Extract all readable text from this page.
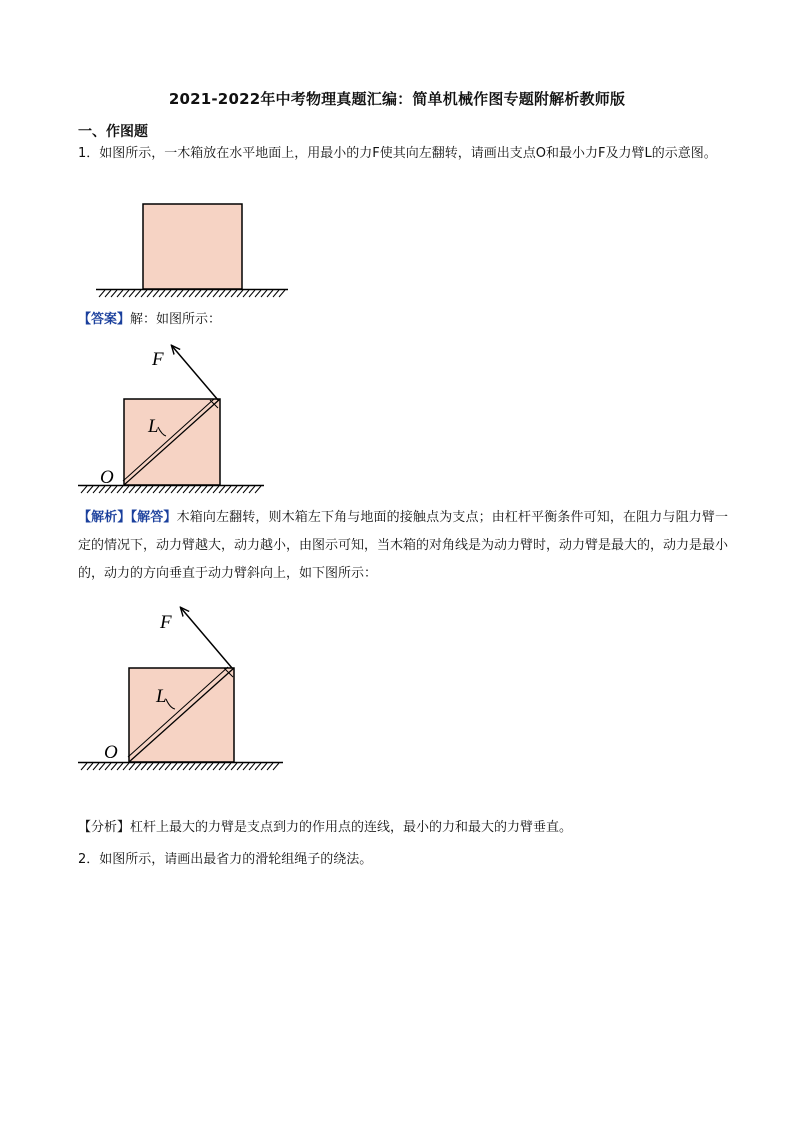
2021-2022年中考物理真题汇编：简单机械作图专题附解析教师版
一、作图题
1．如图所示，一木箱放在水平地面上，用最小的力F使其向左翻转，请画出支点O和最小力F及力臂L的示意图。
【答案】解：如图所示：
F
L
O
【解析】【解答】木箱向左翻转，则木箱左下角与地面的接触点为支点；由杠杆平衡条件可知，在阻力与阻力臂一定的情况下，动力臂越大，动力越小，由图示可知，当木箱的对角线是为动力臂时，动力臂是最大的，动力是最小的，动力的方向垂直于动力臂斜向上，如下图所示：
F
L
O
【分析】杠杆上最大的力臂是支点到力的作用点的连线，最小的力和最大的力臂垂直。
2．如图所示，请画出最省力的滑轮组绳子的绕法。
